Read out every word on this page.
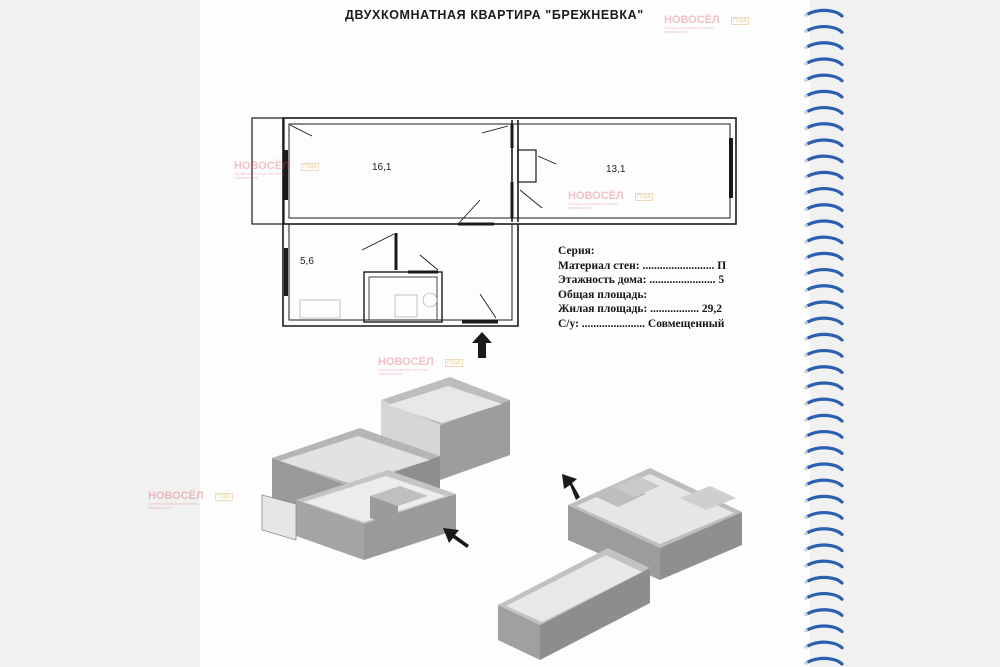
ДВУХКОМНАТНАЯ КВАРТИРА "БРЕЖНЕВКА"
16,1	13,1
5,6
Серия:
Материал стен: ......................... П
Этажность дома: ....................... 5
Общая площадь:
Жилая площадь: ................. 29,2
С/у: ...................... Совмещенный
НОВОСЁЛ
Профессиональное агентство недвижимости
ГОДА
НОВОСЁЛ
Профессиональное агентство недвижимости
ГОДА
НОВОСЁЛ
Профессиональное агентство недвижимости
ГОДА
НОВОСЁЛ
Профессиональное агентство недвижимости
ГОДА
НОВОСЁЛ
Профессиональное агентство недвижимости
ГОДА
